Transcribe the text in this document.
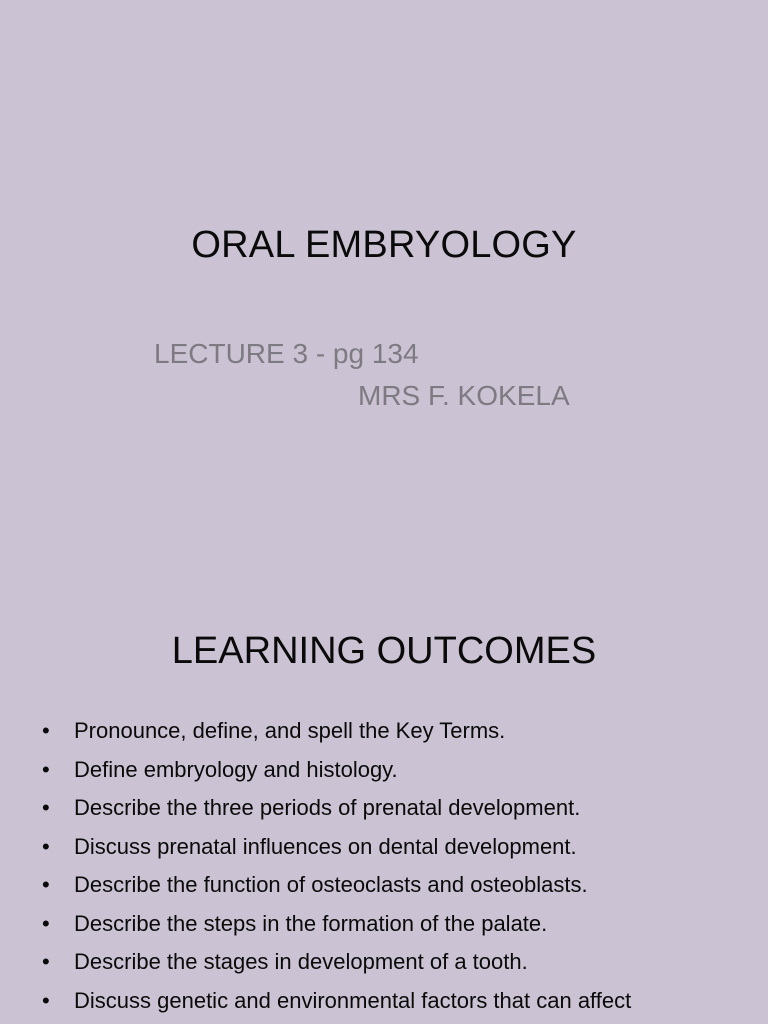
ORAL EMBRYOLOGY
LECTURE 3 - pg 134
MRS F. KOKELA
LEARNING OUTCOMES
• Pronounce, define, and spell the Key Terms.
• Define embryology and histology.
• Describe the three periods of prenatal development.
• Discuss prenatal influences on dental development.
• Describe the function of osteoclasts and osteoblasts.
• Describe the steps in the formation of the palate.
• Describe the stages in development of a tooth.
• Discuss genetic and environmental factors that can affect
